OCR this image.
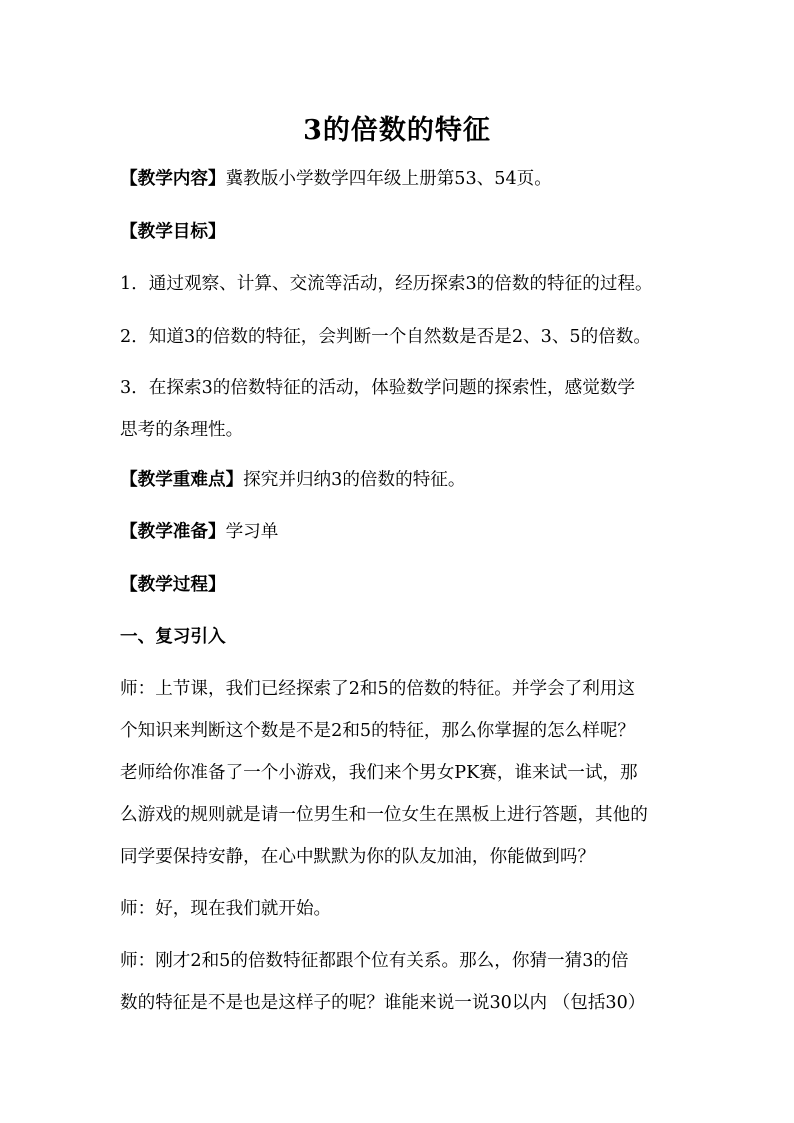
3的倍数的特征
【教学内容】冀教版小学数学四年级上册第53、54页。
【教学目标】
1．通过观察、计算、交流等活动，经历探索3的倍数的特征的过程。
2．知道3的倍数的特征，会判断一个自然数是否是2、3、5的倍数。
3．在探索3的倍数特征的活动，体验数学问题的探索性，感觉数学
思考的条理性。
【教学重难点】探究并归纳3的倍数的特征。
【教学准备】学习单
【教学过程】
一、复习引入
师：上节课，我们已经探索了2和5的倍数的特征。并学会了利用这
个知识来判断这个数是不是2和5的特征，那么你掌握的怎么样呢？
老师给你准备了一个小游戏，我们来个男女PK赛，谁来试一试，那
么游戏的规则就是请一位男生和一位女生在黑板上进行答题，其他的
同学要保持安静，在心中默默为你的队友加油，你能做到吗？
师：好，现在我们就开始。
师：刚才2和5的倍数特征都跟个位有关系。那么，你猜一猜3的倍
数的特征是不是也是这样子的呢？谁能来说一说30以内 （包括30）
